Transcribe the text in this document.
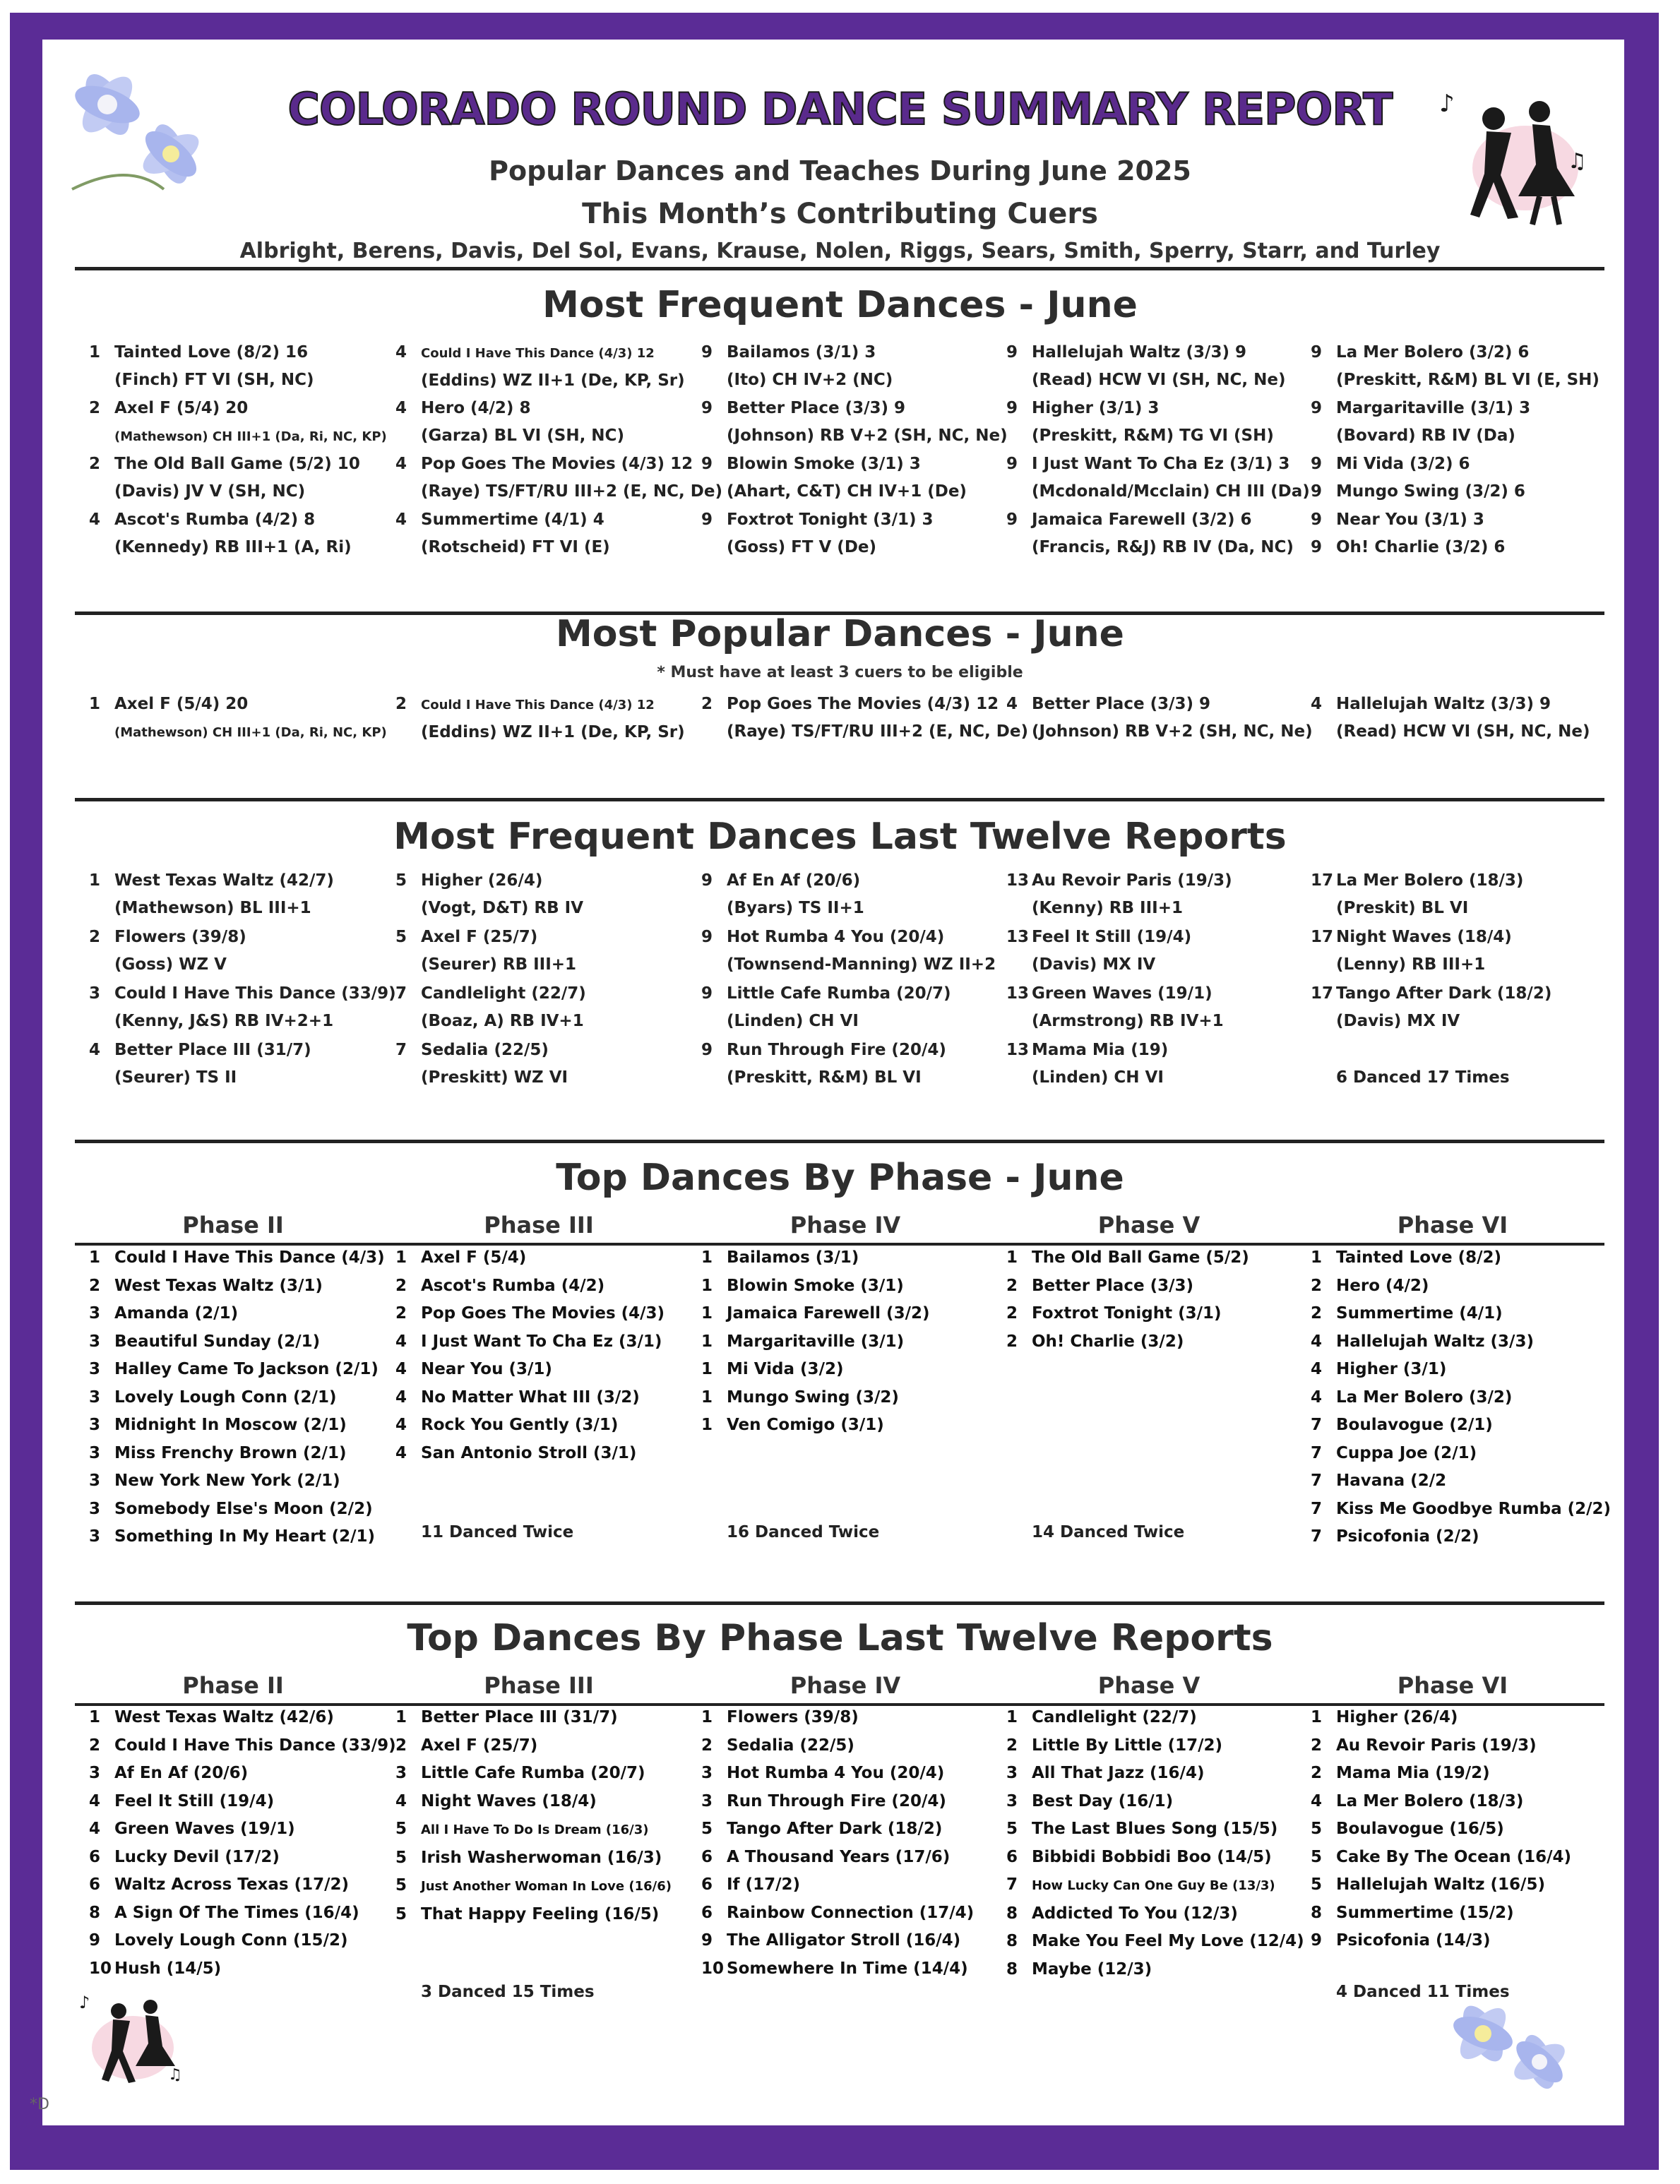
♪
♫
♪
♫
COLORADO ROUND DANCE SUMMARY REPORT
Popular Dances and Teaches During June 2025
This Month’s Contributing Cuers
Albright, Berens, Davis, Del Sol, Evans, Krause, Nolen, Riggs, Sears, Smith, Sperry, Starr, and Turley
Most Frequent Dances - June
1 Tainted Love (8/2) 16
(Finch) FT VI (SH, NC)
2 Axel F (5/4) 20
(Mathewson) CH III+1 (Da, Ri, NC, KP)
2 The Old Ball Game (5/2) 10
(Davis) JV V (SH, NC)
4 Ascot's Rumba (4/2) 8
(Kennedy) RB III+1 (A, Ri)
4 Could I Have This Dance (4/3) 12
(Eddins) WZ II+1 (De, KP, Sr)
4 Hero (4/2) 8
(Garza) BL VI (SH, NC)
4 Pop Goes The Movies (4/3) 12
(Raye) TS/FT/RU III+2 (E, NC, De)
4 Summertime (4/1) 4
(Rotscheid) FT VI (E)
9 Bailamos (3/1) 3
(Ito) CH IV+2 (NC)
9 Better Place (3/3) 9
(Johnson) RB V+2 (SH, NC, Ne)
9 Blowin Smoke (3/1) 3
(Ahart, C&T) CH IV+1 (De)
9 Foxtrot Tonight (3/1) 3
(Goss) FT V (De)
9 Hallelujah Waltz (3/3) 9
(Read) HCW VI (SH, NC, Ne)
9 Higher (3/1) 3
(Preskitt, R&M) TG VI (SH)
9 I Just Want To Cha Ez (3/1) 3
(Mcdonald/Mcclain) CH III (Da)
9 Jamaica Farewell (3/2) 6
(Francis, R&J) RB IV (Da, NC)
9 La Mer Bolero (3/2) 6
(Preskitt, R&M) BL VI (E, SH)
9 Margaritaville (3/1) 3
(Bovard) RB IV (Da)
9 Mi Vida (3/2) 6
9 Mungo Swing (3/2) 6
9 Near You (3/1) 3
9 Oh! Charlie (3/2) 6
Most Popular Dances - June
* Must have at least 3 cuers to be eligible
1 Axel F (5/4) 20
(Mathewson) CH III+1 (Da, Ri, NC, KP)
2 Could I Have This Dance (4/3) 12
(Eddins) WZ II+1 (De, KP, Sr)
2 Pop Goes The Movies (4/3) 12
(Raye) TS/FT/RU III+2 (E, NC, De)
4 Better Place (3/3) 9
(Johnson) RB V+2 (SH, NC, Ne)
4 Hallelujah Waltz (3/3) 9
(Read) HCW VI (SH, NC, Ne)
Most Frequent Dances Last Twelve Reports
1 West Texas Waltz (42/7)
(Mathewson) BL III+1
2 Flowers (39/8)
(Goss) WZ V
3 Could I Have This Dance (33/9)
(Kenny, J&S) RB IV+2+1
4 Better Place III (31/7)
(Seurer) TS II
5 Higher (26/4)
(Vogt, D&T) RB IV
5 Axel F (25/7)
(Seurer) RB III+1
7 Candlelight (22/7)
(Boaz, A) RB IV+1
7 Sedalia (22/5)
(Preskitt) WZ VI
9 Af En Af (20/6)
(Byars) TS II+1
9 Hot Rumba 4 You (20/4)
(Townsend-Manning) WZ II+2
9 Little Cafe Rumba (20/7)
(Linden) CH VI
9 Run Through Fire (20/4)
(Preskitt, R&M) BL VI
13 Au Revoir Paris (19/3)
(Kenny) RB III+1
13 Feel It Still (19/4)
(Davis) MX IV
13 Green Waves (19/1)
(Armstrong) RB IV+1
13 Mama Mia (19)
(Linden) CH VI
17 La Mer Bolero (18/3)
(Preskit) BL VI
17 Night Waves (18/4)
(Lenny) RB III+1
17 Tango After Dark (18/2)
(Davis) MX IV
6 Danced 17 Times
Top Dances By Phase - June
Phase II
1 Could I Have This Dance (4/3)
2 West Texas Waltz (3/1)
3 Amanda (2/1)
3 Beautiful Sunday (2/1)
3 Halley Came To Jackson (2/1)
3 Lovely Lough Conn (2/1)
3 Midnight In Moscow (2/1)
3 Miss Frenchy Brown (2/1)
3 New York New York (2/1)
3 Somebody Else's Moon (2/2)
3 Something In My Heart (2/1)
Phase III
1 Axel F (5/4)
2 Ascot's Rumba (4/2)
2 Pop Goes The Movies (4/3)
4 I Just Want To Cha Ez (3/1)
4 Near You (3/1)
4 No Matter What III (3/2)
4 Rock You Gently (3/1)
4 San Antonio Stroll (3/1)
11 Danced Twice
Phase IV
1 Bailamos (3/1)
1 Blowin Smoke (3/1)
1 Jamaica Farewell (3/2)
1 Margaritaville (3/1)
1 Mi Vida (3/2)
1 Mungo Swing (3/2)
1 Ven Comigo (3/1)
16 Danced Twice
Phase V
1 The Old Ball Game (5/2)
2 Better Place (3/3)
2 Foxtrot Tonight (3/1)
2 Oh! Charlie (3/2)
14 Danced Twice
Phase VI
1 Tainted Love (8/2)
2 Hero (4/2)
2 Summertime (4/1)
4 Hallelujah Waltz (3/3)
4 Higher (3/1)
4 La Mer Bolero (3/2)
7 Boulavogue (2/1)
7 Cuppa Joe (2/1)
7 Havana (2/2
7 Kiss Me Goodbye Rumba (2/2)
7 Psicofonia (2/2)
Top Dances By Phase Last Twelve Reports
Phase II
1 West Texas Waltz (42/6)
2 Could I Have This Dance (33/9)
3 Af En Af (20/6)
4 Feel It Still (19/4)
4 Green Waves (19/1)
6 Lucky Devil (17/2)
6 Waltz Across Texas (17/2)
8 A Sign Of The Times (16/4)
9 Lovely Lough Conn (15/2)
10 Hush (14/5)
Phase III
1 Better Place III (31/7)
2 Axel F (25/7)
3 Little Cafe Rumba (20/7)
4 Night Waves (18/4)
5 All I Have To Do Is Dream (16/3)
5 Irish Washerwoman (16/3)
5 Just Another Woman In Love (16/6)
5 That Happy Feeling (16/5)
3 Danced 15 Times
Phase IV
1 Flowers (39/8)
2 Sedalia (22/5)
3 Hot Rumba 4 You (20/4)
3 Run Through Fire (20/4)
5 Tango After Dark (18/2)
6 A Thousand Years (17/6)
6 If (17/2)
6 Rainbow Connection (17/4)
9 The Alligator Stroll (16/4)
10 Somewhere In Time (14/4)
Phase V
1 Candlelight (22/7)
2 Little By Little (17/2)
3 All That Jazz (16/4)
3 Best Day (16/1)
5 The Last Blues Song (15/5)
6 Bibbidi Bobbidi Boo (14/5)
7 How Lucky Can One Guy Be (13/3)
8 Addicted To You (12/3)
8 Make You Feel My Love (12/4)
8 Maybe (12/3)
Phase VI
1 Higher (26/4)
2 Au Revoir Paris (19/3)
2 Mama Mia (19/2)
4 La Mer Bolero (18/3)
5 Boulavogue (16/5)
5 Cake By The Ocean (16/4)
5 Hallelujah Waltz (16/5)
8 Summertime (15/2)
9 Psicofonia (14/3)
4 Danced 11 Times
*D
